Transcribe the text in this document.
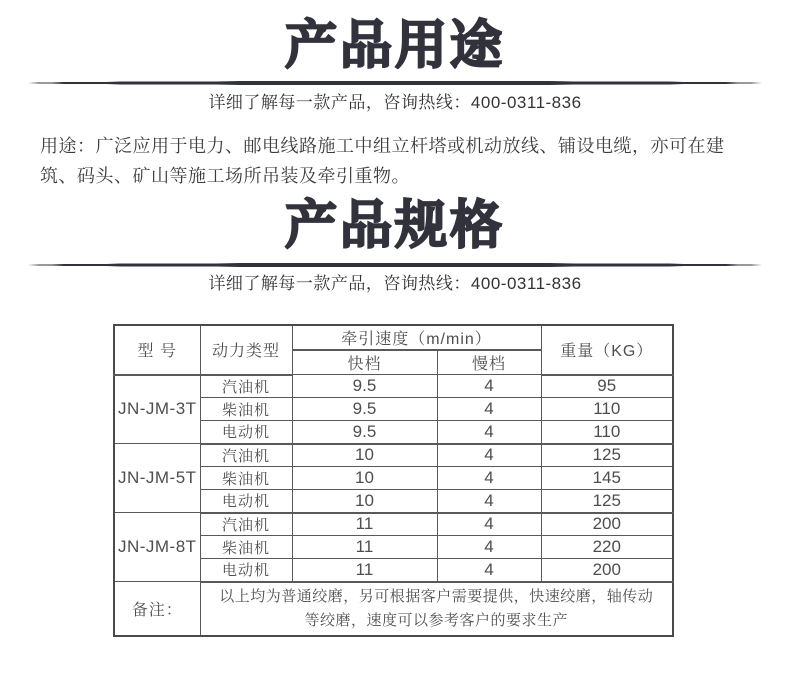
产品用途
详细了解每一款产品，咨询热线：400-0311-836
用途：广泛应用于电力、邮电线路施工中组立杆塔或机动放线、铺设电缆，亦可在建筑、码头、矿山等施工场所吊装及牵引重物。
产品规格
详细了解每一款产品，咨询热线：400-0311-836
型 号	动力类型	牵引速度（m/min）		重量（KG）
		快档	慢档	
JN-JM-3T	汽油机	9.5	4	95
	柴油机	9.5	4	110
	电动机	9.5	4	110
JN-JM-5T	汽油机	10	4	125
	柴油机	10	4	145
	电动机	10	4	125
JN-JM-8T	汽油机	11	4	200
	柴油机	11	4	220
	电动机	11	4	200
备注：	以上均为普通绞磨，另可根据客户需要提供，快速绞磨，轴传动
等绞磨，速度可以参考客户的要求生产			
